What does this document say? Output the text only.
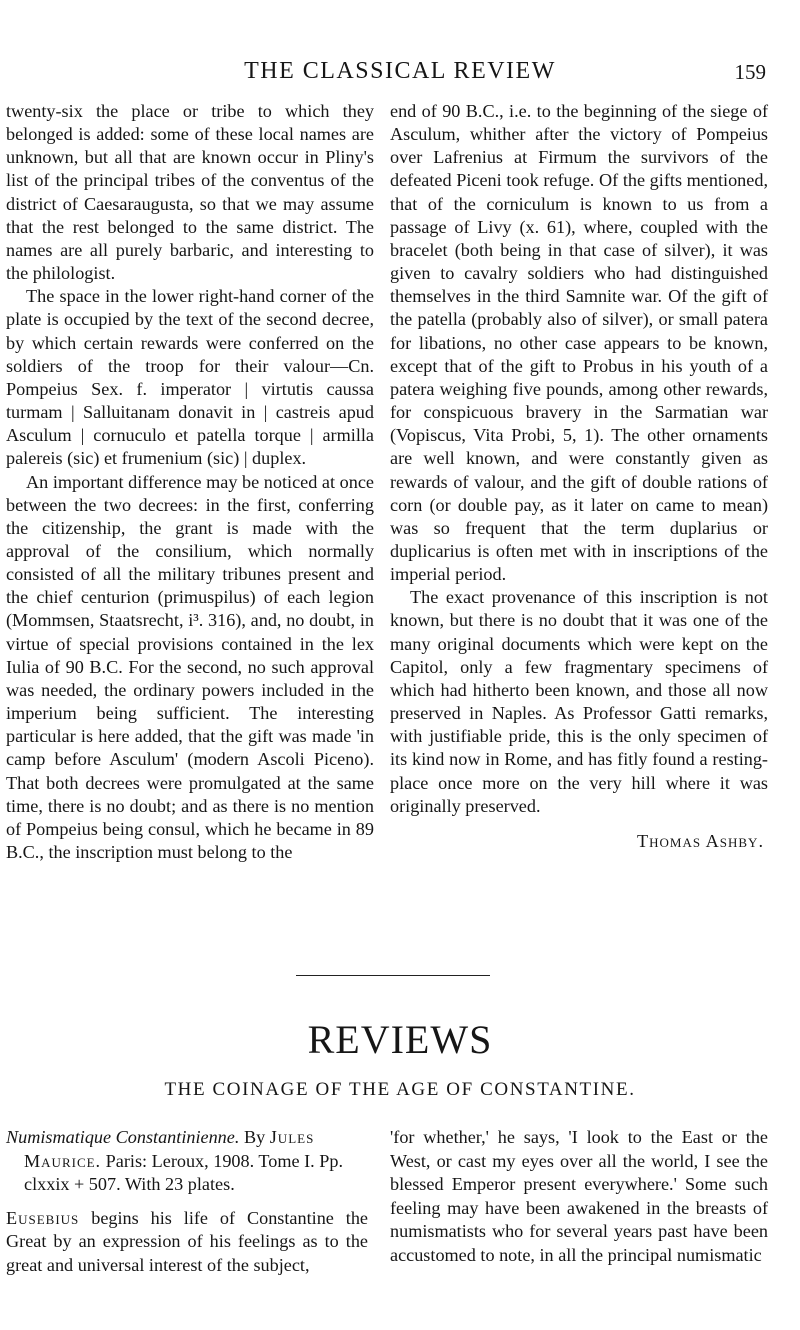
THE CLASSICAL REVIEW	159

twenty-six the place or tribe to which they belonged is added: some of these local names are unknown, but all that are known occur in Pliny's list of the principal tribes of the conventus of the district of Caesaraugusta, so that we may assume that the rest belonged to the same district. The names are all purely barbaric, and interesting to the philologist.

The space in the lower right-hand corner of the plate is occupied by the text of the second decree, by which certain rewards were conferred on the soldiers of the troop for their valour—Cn. Pompeius Sex. f. imperator | virtutis caussa turmam | Salluitanam donavit in | castreis apud Asculum | cornuculo et patella torque | armilla palereis (sic) et frumenium (sic) | duplex.

An important difference may be noticed at once between the two decrees: in the first, conferring the citizenship, the grant is made with the approval of the consilium, which normally consisted of all the military tribunes present and the chief centurion (primuspilus) of each legion (Mommsen, Staatsrecht, i³. 316), and, no doubt, in virtue of special provisions contained in the lex Iulia of 90 B.C. For the second, no such approval was needed, the ordinary powers included in the imperium being sufficient. The interesting particular is here added, that the gift was made 'in camp before Asculum' (modern Ascoli Piceno). That both decrees were promulgated at the same time, there is no doubt; and as there is no mention of Pompeius being consul, which he became in 89 B.C., the inscription must belong to the

end of 90 B.C., i.e. to the beginning of the siege of Asculum, whither after the victory of Pompeius over Lafrenius at Firmum the survivors of the defeated Piceni took refuge. Of the gifts mentioned, that of the corniculum is known to us from a passage of Livy (x. 61), where, coupled with the bracelet (both being in that case of silver), it was given to cavalry soldiers who had distinguished themselves in the third Samnite war. Of the gift of the patella (probably also of silver), or small patera for libations, no other case appears to be known, except that of the gift to Probus in his youth of a patera weighing five pounds, among other rewards, for conspicuous bravery in the Sarmatian war (Vopiscus, Vita Probi, 5, 1). The other ornaments are well known, and were constantly given as rewards of valour, and the gift of double rations of corn (or double pay, as it later on came to mean) was so frequent that the term duplarius or duplicarius is often met with in inscriptions of the imperial period.

The exact provenance of this inscription is not known, but there is no doubt that it was one of the many original documents which were kept on the Capitol, only a few fragmentary specimens of which had hitherto been known, and those all now preserved in Naples. As Professor Gatti remarks, with justifiable pride, this is the only specimen of its kind now in Rome, and has fitly found a resting-place once more on the very hill where it was originally preserved.

Thomas Ashby.

REVIEWS
THE COINAGE OF THE AGE OF CONSTANTINE.

Numismatique Constantinienne. By Jules Maurice. Paris: Leroux, 1908. Tome I. Pp. clxxix + 507. With 23 plates.

Eusebius begins his life of Constantine the Great by an expression of his feelings as to the great and universal interest of the subject,

'for whether,' he says, 'I look to the East or the West, or cast my eyes over all the world, I see the blessed Emperor present everywhere.' Some such feeling may have been awakened in the breasts of numismatists who for several years past have been accustomed to note, in all the principal numismatic
